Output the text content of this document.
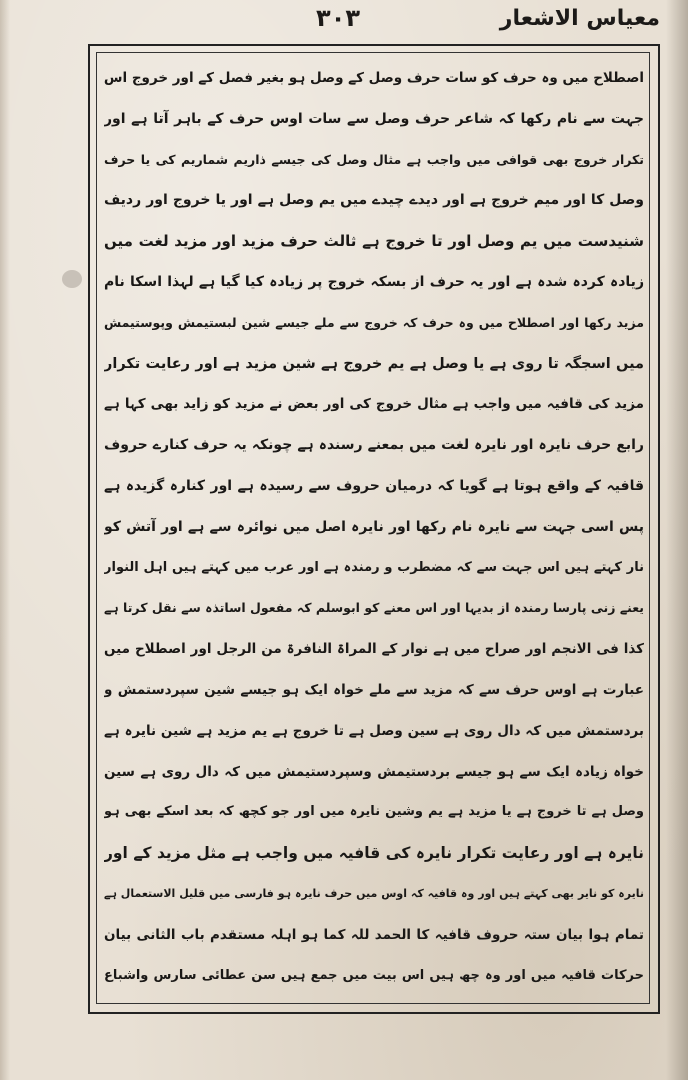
معیاس الاشعار
۳۰۳
اصطلاح میں وہ حرف کو سات حرف وصل کے وصل ہو بغیر فصل کے اور خروج اس
جہت سے نام رکھا کہ شاعر حرف وصل سے سات اوس حرف کے باہر آتا ہے اور
تکرار خروج بھی قوافی میں واجب ہے مثال وصل کی جیسے ذاریم شماریم کی یا حرف
وصل کا اور میم خروج ہے اور دیدے چیدے میں یم وصل ہے اور یا خروج اور ردیف
شنیدست میں یم وصل اور تا خروج ہے ثالث حرف مزید اور مزید لغت میں
زیادہ کردہ شدہ ہے اور یہ حرف از بسکہ خروج پر زیادہ کیا گیا ہے لہذا اسکا نام
مزید رکھا اور اصطلاح میں وہ حرف کہ خروج سے ملے جیسے شین لبستیمش وپوستیمش
میں اسجگہ تا روی ہے یا وصل ہے یم خروج ہے شین مزید ہے اور رعایت تکرار
مزید کی قافیہ میں واجب ہے مثال خروج کی اور بعض نے مزید کو زاید بھی کہا ہے
رابع حرف نایرہ اور نایرہ لغت میں بمعنے رسندہ ہے چونکہ یہ حرف کنارے حروف
قافیہ کے واقع ہوتا ہے گویا کہ درمیان حروف سے رسیدہ ہے اور کنارہ گزیدہ ہے
پس اسی جہت سے نایرہ نام رکھا اور نایرہ اصل میں نوائرہ سے ہے اور آتش کو
نار کہتے ہیں اس جہت سے کہ مضطرب و رمندہ ہے اور عرب میں کہتے ہیں اہل النوار
یعنے زنی پارسا رمندہ از بدیہا اور اس معنے کو ابوسلم کہ مفعول اساتذہ سے نقل کرتا ہے
کذا فی الانجم اور صراح میں ہے نوار کے المراۃ النافرۃ من الرجل اور اصطلاح میں
عبارت ہے اوس حرف سے کہ مزید سے ملے خواہ ایک ہو جیسے شین سپردستمش و
بردستمش میں کہ دال روی ہے سین وصل ہے تا خروج ہے یم مزید ہے شین نایرہ ہے
خواہ زیادہ ایک سے ہو جیسے بردستیمش وسپردستیمش میں کہ دال روی ہے سین
وصل ہے تا خروج ہے یا مزید ہے یم وشین نایرہ میں اور جو کچھ کہ بعد اسکے بھی ہو
نایرہ ہے اور رعایت تکرار نایرہ کی قافیہ میں واجب ہے مثل مزید کے اور
نایرہ کو نایر بھی کہتے ہیں اور وہ قافیہ کہ اوس میں حرف نایرہ ہو فارسی میں قلیل الاستعمال ہے
تمام ہوا بیان ستہ حروف قافیہ کا الحمد للہ کما ہو اہلہ مستقدم باب الثانی بیان
حرکات قافیہ میں اور وہ چھ ہیں اس بیت میں جمع ہیں سن عطائی سارس واشباع
